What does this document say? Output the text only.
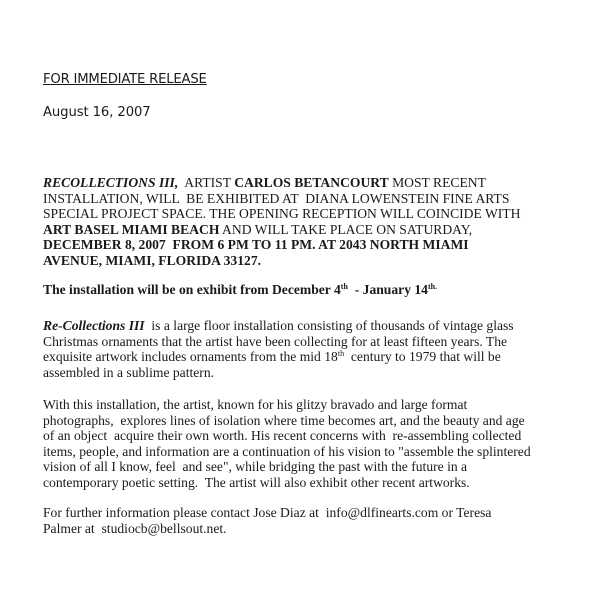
FOR IMMEDIATE RELEASE
August 16, 2007
RECOLLECTIONS III,  ARTIST CARLOS BETANCOURT MOST RECENT
INSTALLATION, WILL  BE EXHIBITED AT  DIANA LOWENSTEIN FINE ARTS
SPECIAL PROJECT SPACE. THE OPENING RECEPTION WILL COINCIDE WITH
ART BASEL MIAMI BEACH AND WILL TAKE PLACE ON SATURDAY,
DECEMBER 8, 2007  FROM 6 PM TO 11 PM. AT 2043 NORTH MIAMI
AVENUE, MIAMI, FLORIDA 33127.
The installation will be on exhibit from December 4th  - January $14^{th.}$
Re-Collections III  is a large floor installation consisting of thousands of vintage glass
Christmas ornaments that the artist have been collecting for at least fifteen years. The
exquisite artwork includes ornaments from the mid 18th  century to 1979 that will be
assembled in a sublime pattern.
With this installation, the artist, known for his glitzy bravado and large format
photographs,  explores lines of isolation where time becomes art, and the beauty and age
of an object  acquire their own worth. His recent concerns with  re-assembling collected
items, people, and information are a continuation of his vision to "assemble the splintered
vision of all I know, feel  and see", while bridging the past with the future in a
contemporary poetic setting.  The artist will also exhibit other recent artworks.
For further information please contact Jose Diaz at  info@dlfinearts.com or Teresa
Palmer at  studiocb@bellsout.net.
